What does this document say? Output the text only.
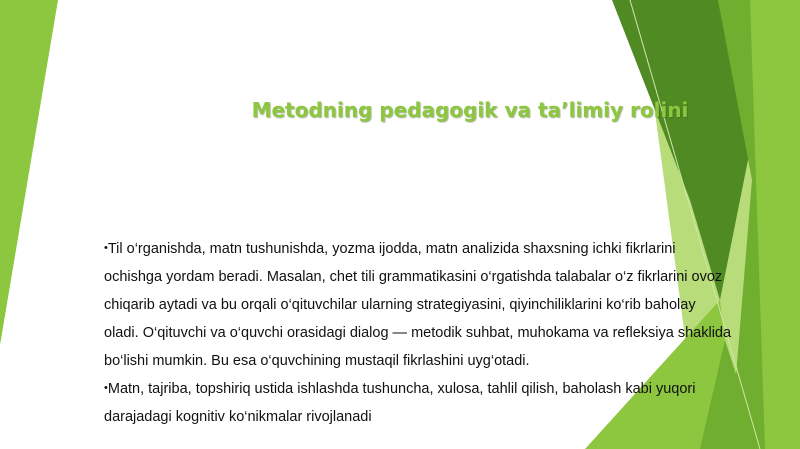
Metodning pedagogik va ta’limiy rolini

•Til o‘rganishda, matn tushunishda, yozma ijodda, matn analizida shaxsning ichki fikrlarini ochishga yordam beradi. Masalan, chet tili grammatikasini o‘rgatishda talabalar o‘z fikrlarini ovoz chiqarib aytadi va bu orqali o‘qituvchilar ularning strategiyasini, qiyinchiliklarini ko‘rib baholay oladi. O‘qituvchi va o‘quvchi orasidagi dialog — metodik suhbat, muhokama va refleksiya shaklida bo‘lishi mumkin. Bu esa o‘quvchining mustaqil fikrlashini uyg‘otadi.

•Matn, tajriba, topshiriq ustida ishlashda tushuncha, xulosa, tahlil qilish, baholash kabi yuqori darajadagi kognitiv ko‘nikmalar rivojlanadi
